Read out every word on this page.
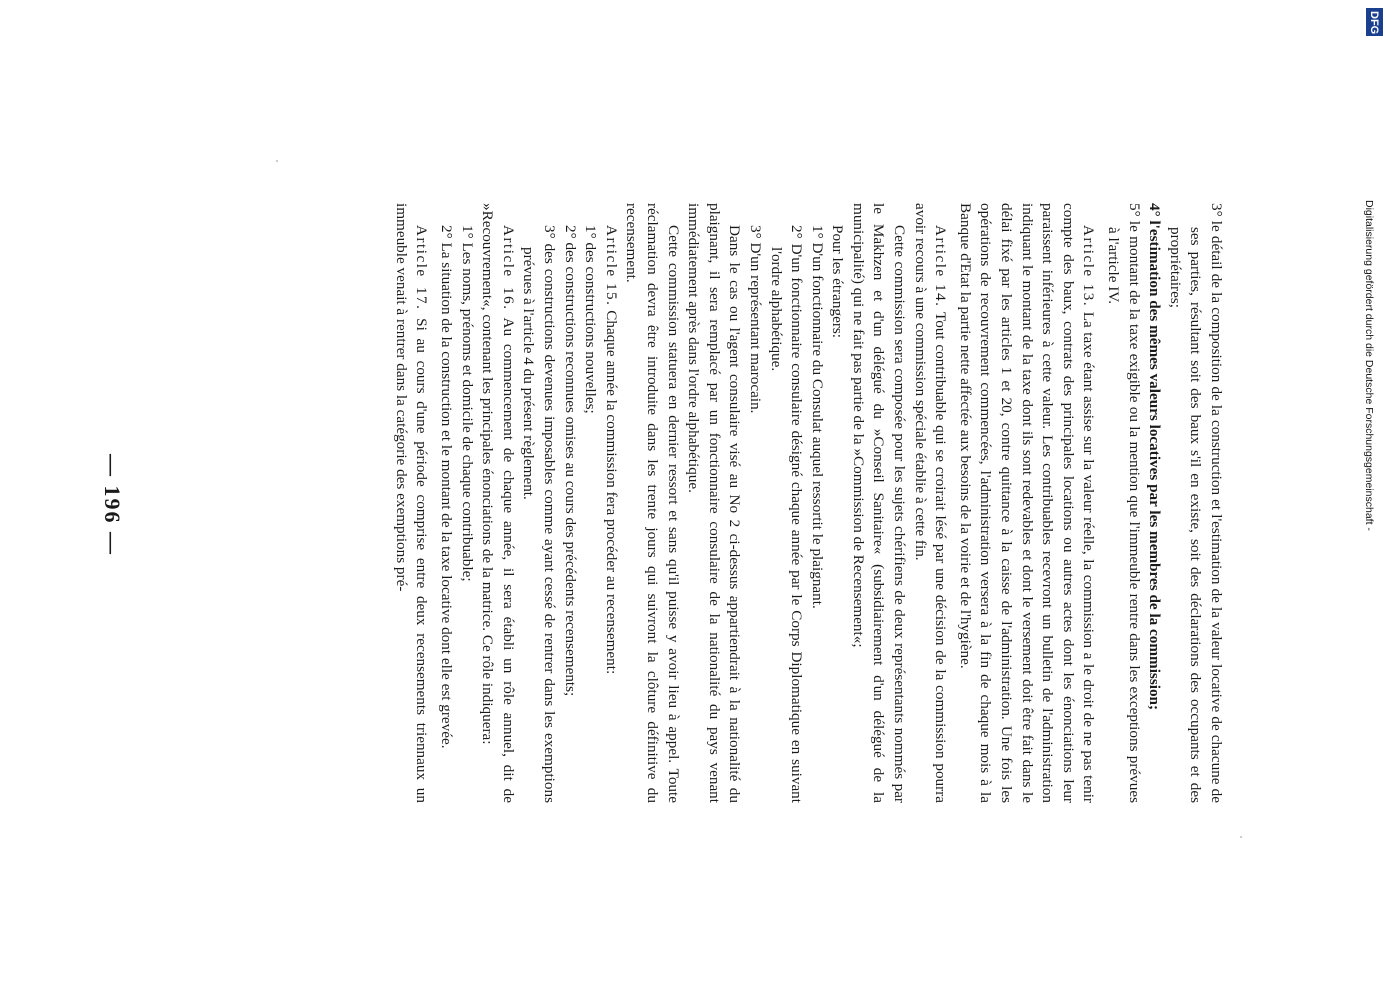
— 196 —	3° le détail de la composition de la construction et l'estimation de la valeur locative de chacune de ses parties, résultant soit des baux s'il en existe, soit des déclarations des occupants et des propriétaires;

4° l'estimation des mêmes valeurs locatives par les membres de la commission;

5° le montant de la taxe exigible ou la mention que l'immeuble rentre dans les exceptions prévues à l'article IV.

Article 13. La taxe étant assise sur la valeur réelle, la commission a le droit de ne pas tenir compte des baux, contrats des principales locations ou autres actes dont les énonciations leur paraissent inférieures à cette valeur. Les contribuables recevront un bulletin de l'administration indiquant le montant de la taxe dont ils sont redevables et dont le versement doit être fait dans le délai fixé par les articles 1 et 20, contre quittance à la caisse de l'administration. Une fois les opérations de recouvrement commencées, l'administration versera à la fin de chaque mois à la Banque d'Etat la partie nette affectée aux besoins de la voirie et de l'hygiène.

Article 14. Tout contribuable qui se croirait lésé par une décision de la commission pourra avoir recours à une commission spéciale établie à cette fin.

Cette commission sera composée pour les sujets chérifiens de deux représentants nommés par le Makhzen et d'un délégué du »Conseil Sanitaire« (subsidiairement d'un délégué de la municipalité) qui ne fait pas partie de la »Commission de Recensement«;

Pour les étrangers:

1° D'un fonctionnaire du Consulat auquel ressortit le plaignant.

2° D'un fonctionnaire consulaire désigné chaque année par le Corps Diplomatique en suivant l'ordre alphabétique.

3° D'un représentant marocain.

Dans le cas ou l'agent consulaire visé au No 2 ci-dessus appartiendrait à la nationalité du plaignant, il sera remplacé par un fonctionnaire consulaire de la nationalité du pays venant immédiatement après dans l'ordre alphabétique.

Cette commission statuera en dernier ressort et sans qu'il puisse y avoir lieu à appel. Toute réclamation devra être introduite dans les trente jours qui suivront la clôture définitive du recensement.

Article 15. Chaque année la commission fera procéder au recensement:

1° des constructions nouvelles;

2° des constructions reconnues omises au cours des précédents recensements;

3° des constructions devenues imposables comme ayant cessé de rentrer dans les exemptions prévues à l'article 4 du présent règlement.

Article 16. Au commencement de chaque année, il sera établi un rôle annuel, dit de »Recouvrement«, contenant les principales énonciations de la matrice. Ce rôle indiquera:

1° Les noms, prénoms et domicile de chaque contribuable;

2° La situation de la construction et le montant de la taxe locative dont elle est grevée.

Article 17. Si au cours d'une période comprise entre deux recensements triennaux un immeuble venait à rentrer dans la catégorie des exemptions pré-	Digitalisierung gefördert durch die Deutsche Forschungsgemeinschaft -
DFG
